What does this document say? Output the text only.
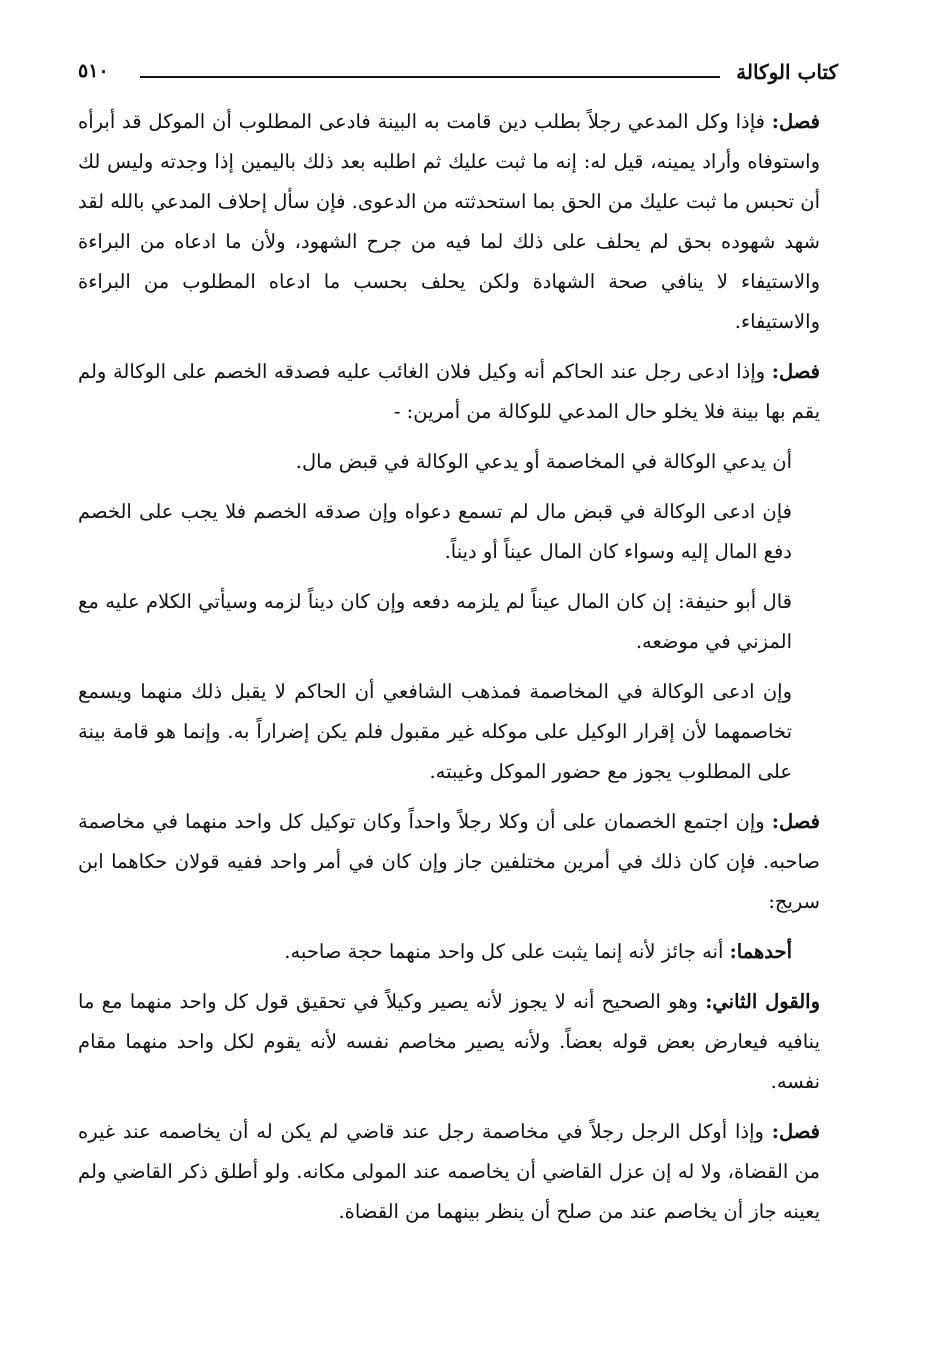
كتاب الوكالة
٥١٠

فصل: فإذا وكل المدعي رجلاً بطلب دين قامت به البينة فادعى المطلوب أن الموكل قد أبرأه واستوفاه وأراد يمينه، قيل له: إنه ما ثبت عليك ثم اطلبه بعد ذلك باليمين إذا وجدته وليس لك أن تحبس ما ثبت عليك من الحق بما استحدثته من الدعوى. فإن سأل إحلاف المدعي بالله لقد شهد شهوده بحق لم يحلف على ذلك لما فيه من جرح الشهود، ولأن ما ادعاه من البراءة والاستيفاء لا ينافي صحة الشهادة ولكن يحلف بحسب ما ادعاه المطلوب من البراءة والاستيفاء.

فصل: وإذا ادعى رجل عند الحاكم أنه وكيل فلان الغائب عليه فصدقه الخصم على الوكالة ولم يقم بها بينة فلا يخلو حال المدعي للوكالة من أمرين: -

أن يدعي الوكالة في المخاصمة أو يدعي الوكالة في قبض مال.

فإن ادعى الوكالة في قبض مال لم تسمع دعواه وإن صدقه الخصم فلا يجب على الخصم دفع المال إليه وسواء كان المال عيناً أو ديناً.

قال أبو حنيفة: إن كان المال عيناً لم يلزمه دفعه وإن كان ديناً لزمه وسيأتي الكلام عليه مع المزني في موضعه.

وإن ادعى الوكالة في المخاصمة فمذهب الشافعي أن الحاكم لا يقبل ذلك منهما ويسمع تخاصمهما لأن إقرار الوكيل على موكله غير مقبول فلم يكن إضراراً به. وإنما هو قامة بينة على المطلوب يجوز مع حضور الموكل وغيبته.

فصل: وإن اجتمع الخصمان على أن وكلا رجلاً واحداً وكان توكيل كل واحد منهما في مخاصمة صاحبه. فإن كان ذلك في أمرين مختلفين جاز وإن كان في أمر واحد ففيه قولان حكاهما ابن سريج:

أحدهما: أنه جائز لأنه إنما يثبت على كل واحد منهما حجة صاحبه.

والقول الثاني: وهو الصحيح أنه لا يجوز لأنه يصير وكيلاً في تحقيق قول كل واحد منهما مع ما ينافيه فيعارض بعض قوله بعضاً. ولأنه يصير مخاصم نفسه لأنه يقوم لكل واحد منهما مقام نفسه.

فصل: وإذا أوكل الرجل رجلاً في مخاصمة رجل عند قاضي لم يكن له أن يخاصمه عند غيره من القضاة، ولا له إن عزل القاضي أن يخاصمه عند المولى مكانه. ولو أطلق ذكر القاضي ولم يعينه جاز أن يخاصم عند من صلح أن ينظر بينهما من القضاة.
